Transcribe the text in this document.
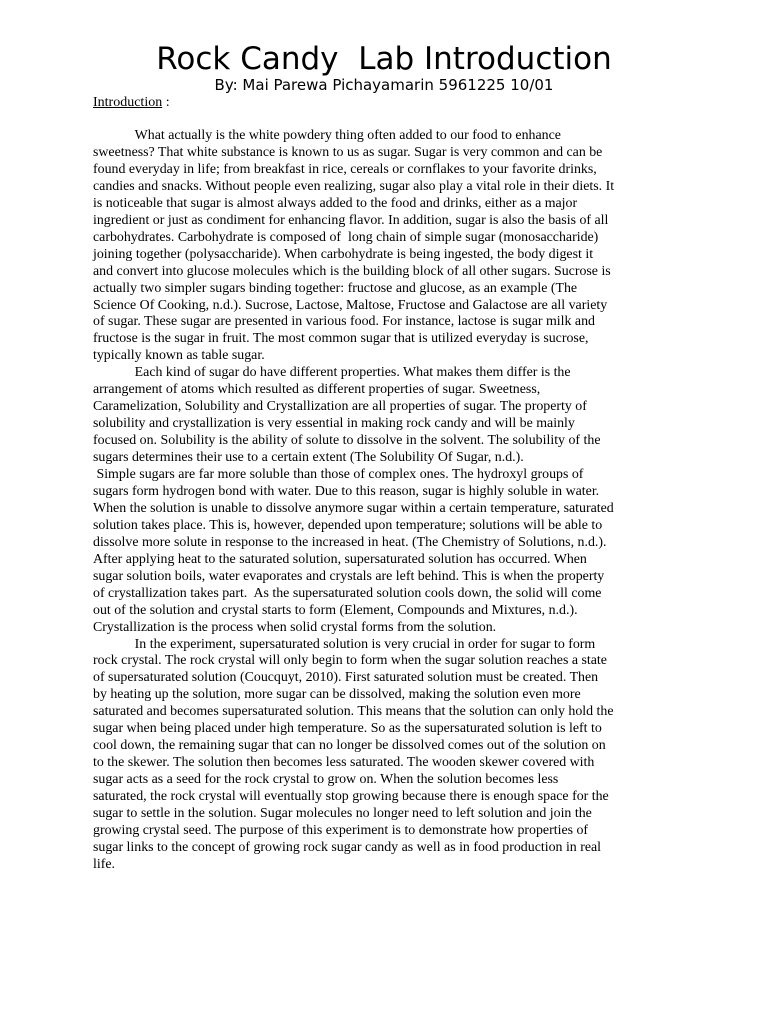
Rock Candy  Lab Introduction
By: Mai Parewa Pichayamarin 5961225 10/01
Introduction :
What actually is the white powdery thing often added to our food to enhance
sweetness? That white substance is known to us as sugar. Sugar is very common and can be
found everyday in life; from breakfast in rice, cereals or cornflakes to your favorite drinks,
candies and snacks. Without people even realizing, sugar also play a vital role in their diets. It
is noticeable that sugar is almost always added to the food and drinks, either as a major
ingredient or just as condiment for enhancing flavor. In addition, sugar is also the basis of all
carbohydrates. Carbohydrate is composed of  long chain of simple sugar (monosaccharide)
joining together (polysaccharide). When carbohydrate is being ingested, the body digest it
and convert into glucose molecules which is the building block of all other sugars. Sucrose is
actually two simpler sugars binding together: fructose and glucose, as an example (The
Science Of Cooking, n.d.). Sucrose, Lactose, Maltose, Fructose and Galactose are all variety
of sugar. These sugar are presented in various food. For instance, lactose is sugar milk and
fructose is the sugar in fruit. The most common sugar that is utilized everyday is sucrose,
typically known as table sugar.
Each kind of sugar do have different properties. What makes them differ is the
arrangement of atoms which resulted as different properties of sugar. Sweetness,
Caramelization, Solubility and Crystallization are all properties of sugar. The property of
solubility and crystallization is very essential in making rock candy and will be mainly
focused on. Solubility is the ability of solute to dissolve in the solvent. The solubility of the
sugars determines their use to a certain extent (The Solubility Of Sugar, n.d.).
Simple sugars are far more soluble than those of complex ones. The hydroxyl groups of
sugars form hydrogen bond with water. Due to this reason, sugar is highly soluble in water.
When the solution is unable to dissolve anymore sugar within a certain temperature, saturated
solution takes place. This is, however, depended upon temperature; solutions will be able to
dissolve more solute in response to the increased in heat. (The Chemistry of Solutions, n.d.).
After applying heat to the saturated solution, supersaturated solution has occurred. When
sugar solution boils, water evaporates and crystals are left behind. This is when the property
of crystallization takes part.  As the supersaturated solution cools down, the solid will come
out of the solution and crystal starts to form (Element, Compounds and Mixtures, n.d.).
Crystallization is the process when solid crystal forms from the solution.
In the experiment, supersaturated solution is very crucial in order for sugar to form
rock crystal. The rock crystal will only begin to form when the sugar solution reaches a state
of supersaturated solution (Coucquyt, 2010). First saturated solution must be created. Then
by heating up the solution, more sugar can be dissolved, making the solution even more
saturated and becomes supersaturated solution. This means that the solution can only hold the
sugar when being placed under high temperature. So as the supersaturated solution is left to
cool down, the remaining sugar that can no longer be dissolved comes out of the solution on
to the skewer. The solution then becomes less saturated. The wooden skewer covered with
sugar acts as a seed for the rock crystal to grow on. When the solution becomes less
saturated, the rock crystal will eventually stop growing because there is enough space for the
sugar to settle in the solution. Sugar molecules no longer need to left solution and join the
growing crystal seed. The purpose of this experiment is to demonstrate how properties of
sugar links to the concept of growing rock sugar candy as well as in food production in real
life.
